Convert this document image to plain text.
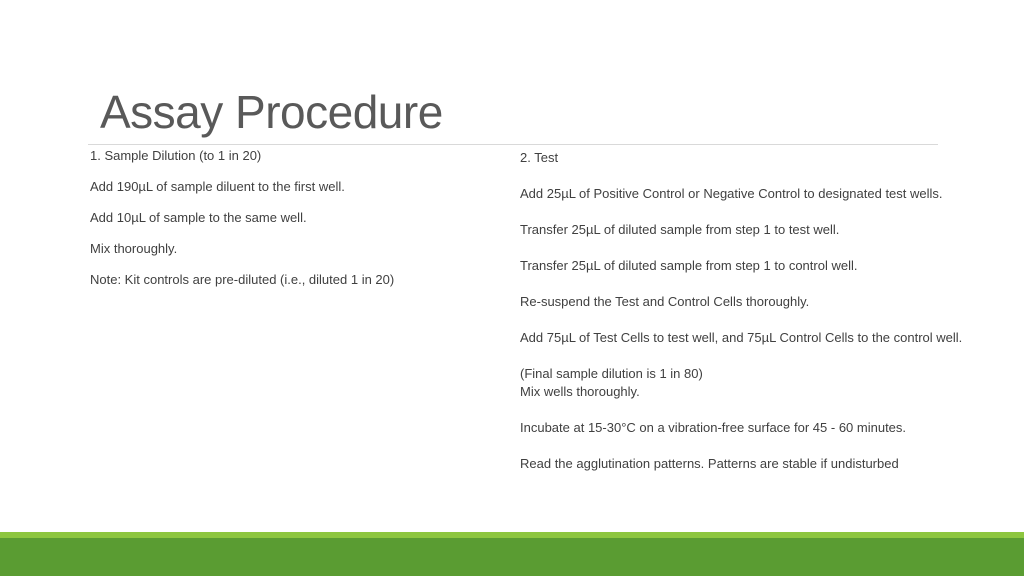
Assay Procedure

1. Sample Dilution (to 1 in 20)

Add 190µL of sample diluent to the first well.

Add 10µL of sample to the same well.

Mix thoroughly.

Note: Kit controls are pre-diluted (i.e., diluted 1 in 20)

2. Test

Add 25µL of Positive Control or Negative Control to designated test wells.

Transfer 25µL of diluted sample from step 1 to test well.

Transfer 25µL of diluted sample from step 1 to control well.

Re-suspend the Test and Control Cells thoroughly.

Add 75µL of Test Cells to test well, and 75µL Control Cells to the control well.

(Final sample dilution is 1 in 80)
Mix wells thoroughly.

Incubate at 15-30°C on a vibration-free surface for 45 - 60 minutes.

Read the agglutination patterns. Patterns are stable if undisturbed
